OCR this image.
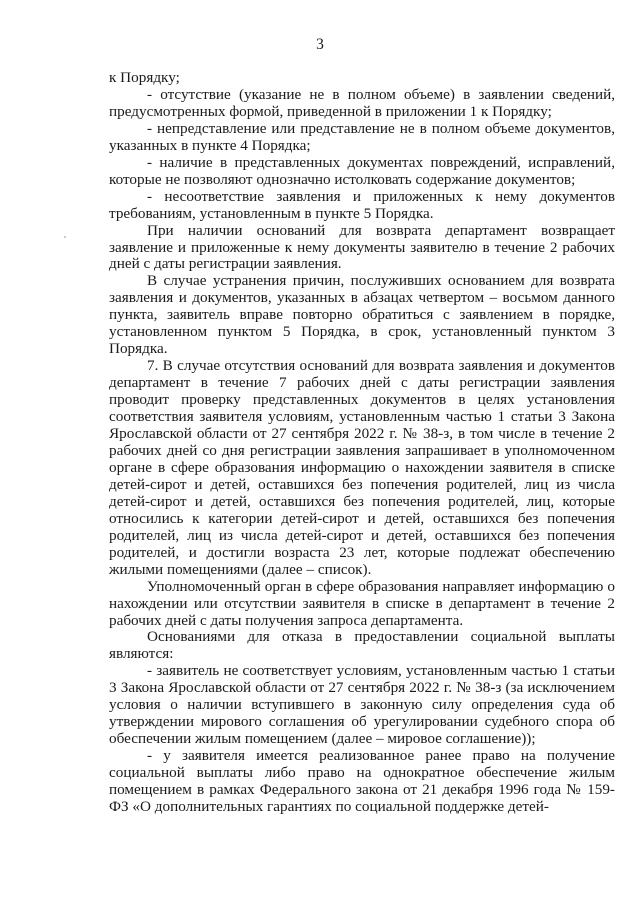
3

к Порядку;

- отсутствие (указание не в полном объеме) в заявлении сведений, предусмотренных формой, приведенной в приложении 1 к Порядку;

- непредставление или представление не в полном объеме документов, указанных в пункте 4 Порядка;

- наличие в представленных документах повреждений, исправлений, которые не позволяют однозначно истолковать содержание документов;

- несоответствие заявления и приложенных к нему документов требованиям, установленным в пункте 5 Порядка.

При наличии оснований для возврата департамент возвращает заявление и приложенные к нему документы заявителю в течение 2 рабочих дней с даты регистрации заявления.

В случае устранения причин, послуживших основанием для возврата заявления и документов, указанных в абзацах четвертом – восьмом данного пункта, заявитель вправе повторно обратиться с заявлением в порядке, установленном пунктом 5 Порядка, в срок, установленный пунктом 3 Порядка.

7. В случае отсутствия оснований для возврата заявления и документов департамент в течение 7 рабочих дней с даты регистрации заявления проводит проверку представленных документов в целях установления соответствия заявителя условиям, установленным частью 1 статьи 3 Закона Ярославской области от 27 сентября 2022 г. № 38-з, в том числе в течение 2 рабочих дней со дня регистрации заявления запрашивает в уполномоченном органе в сфере образования информацию о нахождении заявителя в списке детей-сирот и детей, оставшихся без попечения родителей, лиц из числа детей-сирот и детей, оставшихся без попечения родителей, лиц, которые относились к категории детей-сирот и детей, оставшихся без попечения родителей, лиц из числа детей-сирот и детей, оставшихся без попечения родителей, и достигли возраста 23 лет, которые подлежат обеспечению жилыми помещениями (далее – список).

Уполномоченный орган в сфере образования направляет информацию о нахождении или отсутствии заявителя в списке в департамент в течение 2 рабочих дней с даты получения запроса департамента.

Основаниями для отказа в предоставлении социальной выплаты являются:

- заявитель не соответствует условиям, установленным частью 1 статьи 3 Закона Ярославской области от 27 сентября 2022 г. № 38-з (за исключением условия о наличии вступившего в законную силу определения суда об утверждении мирового соглашения об урегулировании судебного спора об обеспечении жилым помещением (далее – мировое соглашение));

- у заявителя имеется реализованное ранее право на получение социальной выплаты либо право на однократное обеспечение жилым помещением в рамках Федерального закона от 21 декабря 1996 года № 159-ФЗ «О дополнительных гарантиях по социальной поддержке детей-
